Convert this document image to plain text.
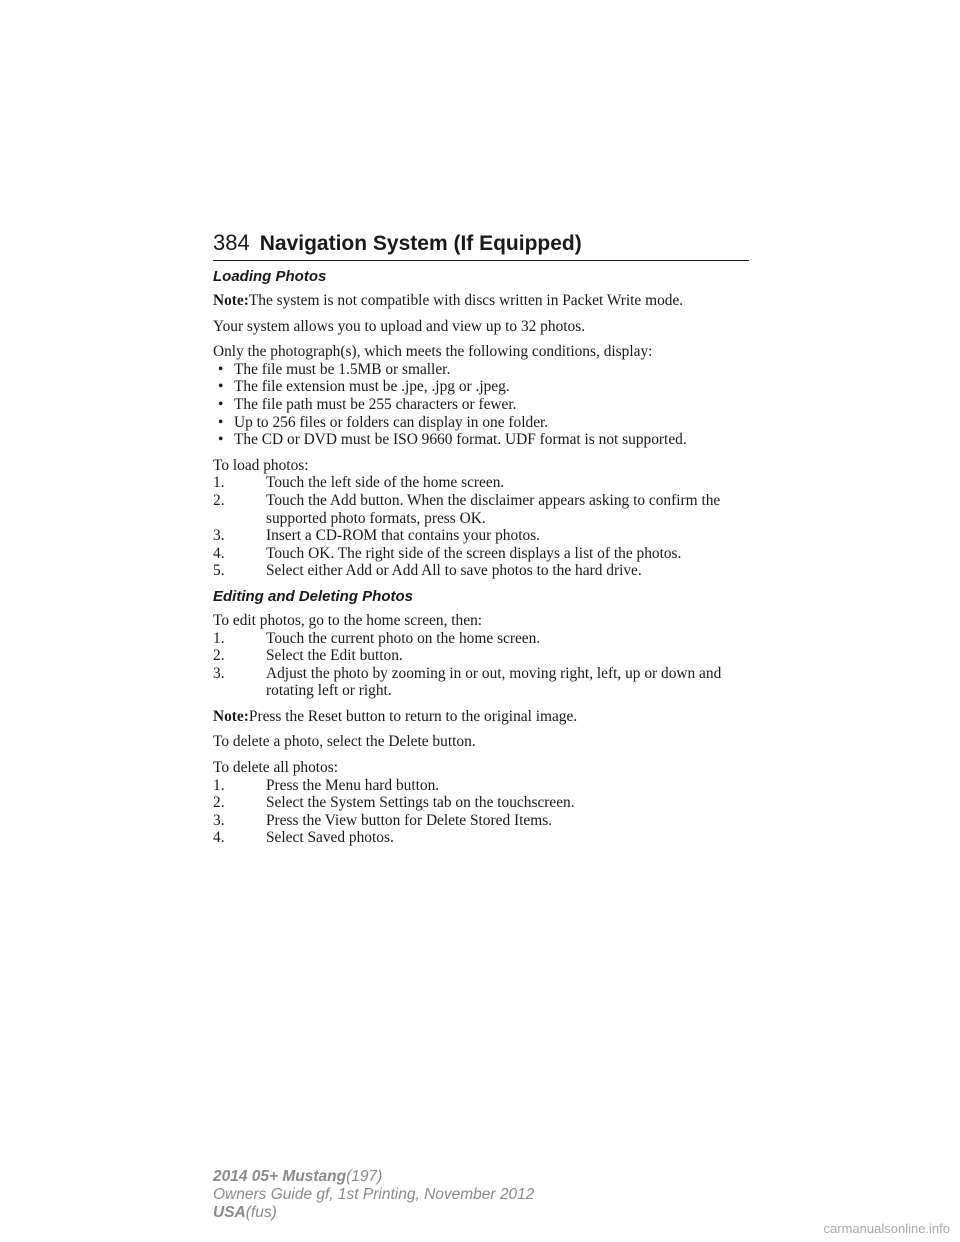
384 Navigation System (If Equipped)
Loading Photos

Note:The system is not compatible with discs written in Packet Write mode.

Your system allows you to upload and view up to 32 photos.

Only the photograph(s), which meets the following conditions, display:

• The file must be 1.5MB or smaller.
• The file extension must be .jpe, .jpg or .jpeg.
• The file path must be 255 characters or fewer.
• Up to 256 files or folders can display in one folder.
• The CD or DVD must be ISO 9660 format. UDF format is not supported.

To load photos:

1.	Touch the left side of the home screen.
2.	Touch the Add button. When the disclaimer appears asking to confirm the supported photo formats, press OK.
3.	Insert a CD-ROM that contains your photos.
4.	Touch OK. The right side of the screen displays a list of the photos.
5.	Select either Add or Add All to save photos to the hard drive.
Editing and Deleting Photos

To edit photos, go to the home screen, then:

1.	Touch the current photo on the home screen.
2.	Select the Edit button.
3.	Adjust the photo by zooming in or out, moving right, left, up or down and rotating left or right.

Note:Press the Reset button to return to the original image.

To delete a photo, select the Delete button.

To delete all photos:

1.	Press the Menu hard button.
2.	Select the System Settings tab on the touchscreen.
3.	Press the View button for Delete Stored Items.
4.	Select Saved photos.
2014 05+ Mustang(197)
Owners Guide gf, 1st Printing, November 2012
USA(fus)
carmanualsonline.info
